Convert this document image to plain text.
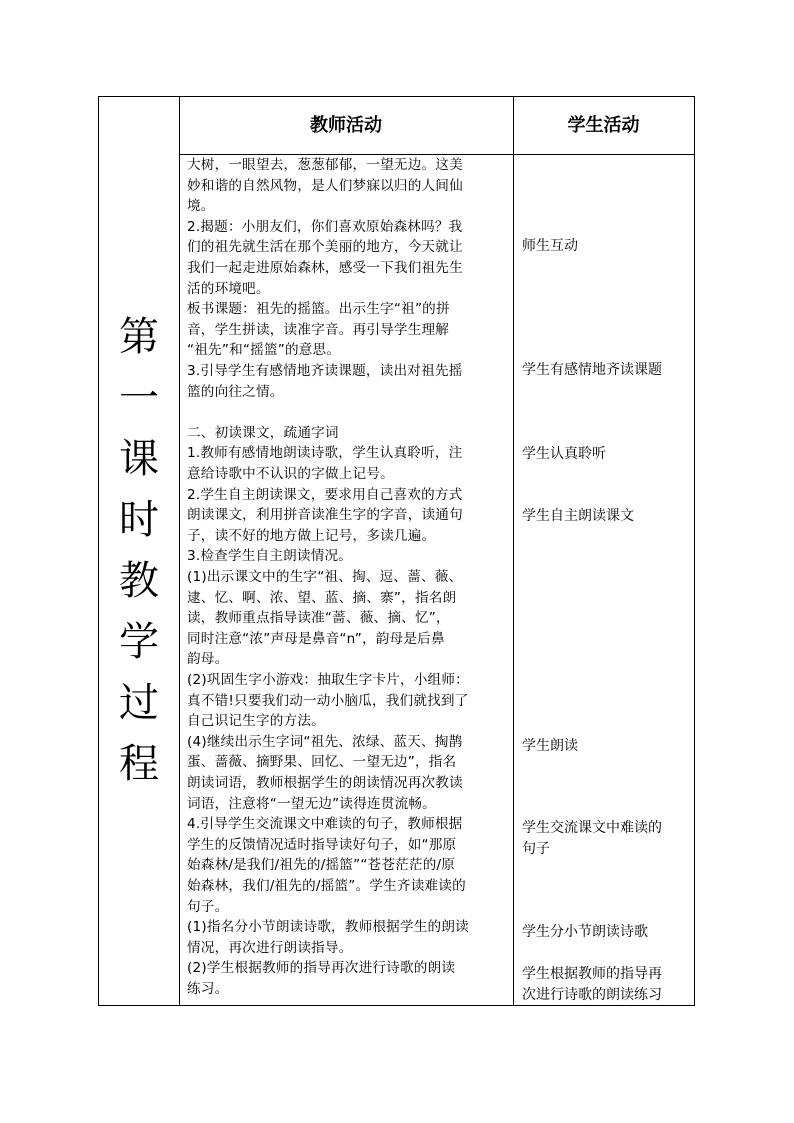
第
一
课
时
教
学
过
程
教师活动	学生活动
大树，一眼望去，葱葱郁郁，一望无边。这美
妙和谐的自然风物，是人们梦寐以归的人间仙
境。
2.揭题：小朋友们，你们喜欢原始森林吗？我
们的祖先就生活在那个美丽的地方，今天就让
我们一起走进原始森林，感受一下我们祖先生
活的环境吧。
板书课题：祖先的摇篮。出示生字“祖”的拼
音，学生拼读，读准字音。再引导学生理解
“祖先”和“摇篮”的意思。
3.引导学生有感情地齐读课题，读出对祖先摇
篮的向往之情。
二、初读课文，疏通字词
1.教师有感情地朗读诗歌，学生认真聆听，注
意给诗歌中不认识的字做上记号。
2.学生自主朗读课文，要求用自己喜欢的方式
朗读课文，利用拼音读准生字的字音，读通句
子，读不好的地方做上记号，多读几遍。
3.检查学生自主朗读情况。
(1)出示课文中的生字“祖、掏、逗、蔷、薇、
逮、忆、啊、浓、望、蓝、摘、寨”，指名朗
读，教师重点指导读准“蔷、薇、摘、忆”，
同时注意“浓”声母是鼻音“n”，韵母是后鼻
韵母。
(2)巩固生字小游戏：抽取生字卡片，小组师：
真不错!只要我们动一动小脑瓜，我们就找到了
自己识记生字的方法。
(4)继续出示生字词“祖先、浓绿、蓝天、掏鹊
蛋、蔷薇、摘野果、回忆、一望无边”，指名
朗读词语，教师根据学生的朗读情况再次教读
词语，注意将“一望无边”读得连贯流畅。
4.引导学生交流课文中难读的句子，教师根据
学生的反馈情况适时指导读好句子，如“那原
始森林/是我们/祖先的/摇篮”“苍苍茫茫的/原
始森林，我们/祖先的/摇篮”。学生齐读难读的
句子。
(1)指名分小节朗读诗歌，教师根据学生的朗读
情况，再次进行朗读指导。
(2)学生根据教师的指导再次进行诗歌的朗读
练习。
师生互动
学生有感情地齐读课题
学生认真聆听
学生自主朗读课文
学生朗读
学生交流课文中难读的
句子
学生分小节朗读诗歌
学生根据教师的指导再
次进行诗歌的朗读练习
